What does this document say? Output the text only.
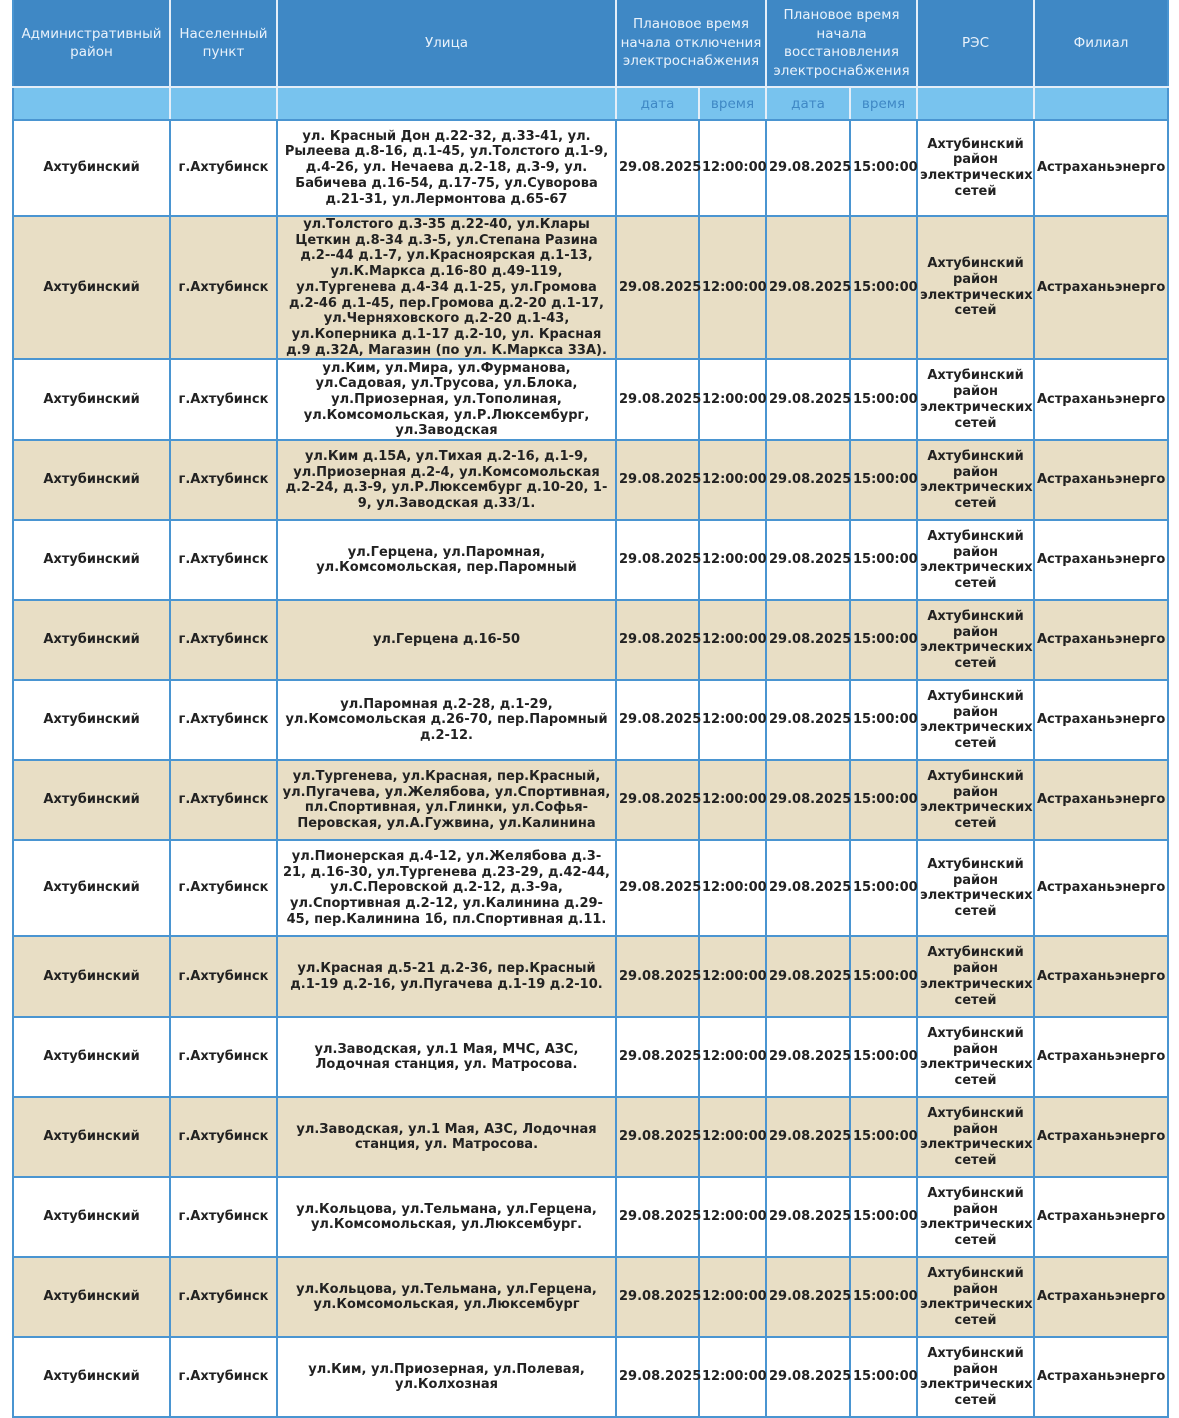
Административный район	Населенный пункт	Улица	Плановое время начала отключения электроснабжения		Плановое время начала восстановления электроснабжения		РЭС	Филиал
			дата	время	дата	время		
Ахтубинский	г.Ахтубинск	ул. Красный Дон д.22-32, д.33-41, ул. Рылеева д.8-16, д.1-45, ул.Толстого д.1-9, д.4-26, ул. Нечаева д.2-18, д.3-9, ул. Бабичева д.16-54, д.17-75, ул.Суворова д.21-31, ул.Лермонтова д.65-67	29.08.2025	12:00:00	29.08.2025	15:00:00	Ахтубинский район электрических сетей	Астраханьэнерго
Ахтубинский	г.Ахтубинск	ул.Толстого д.3-35 д.22-40, ул.Клары Цеткин д.8-34 д.3-5, ул.Степана Разина д.2--44 д.1-7, ул.Красноярская д.1-13, ул.К.Маркса д.16-80 д.49-119, ул.Тургенева д.4-34 д.1-25, ул.Громова д.2-46 д.1-45, пер.Громова д.2-20 д.1-17, ул.Черняховского д.2-20 д.1-43, ул.Коперника д.1-17 д.2-10, ул. Красная д.9 д.32А, Магазин (по ул. К.Маркса 33А).	29.08.2025	12:00:00	29.08.2025	15:00:00	Ахтубинский район электрических сетей	Астраханьэнерго
Ахтубинский	г.Ахтубинск	ул.Ким, ул.Мира, ул.Фурманова, ул.Садовая, ул.Трусова, ул.Блока, ул.Приозерная, ул.Тополиная, ул.Комсомольская, ул.Р.Люксембург, ул.Заводская	29.08.2025	12:00:00	29.08.2025	15:00:00	Ахтубинский район электрических сетей	Астраханьэнерго
Ахтубинский	г.Ахтубинск	ул.Ким д.15А, ул.Тихая д.2-16, д.1-9, ул.Приозерная д.2-4, ул.Комсомольская д.2-24, д.3-9, ул.Р.Люксембург д.10-20, 1-9, ул.Заводская д.33/1.	29.08.2025	12:00:00	29.08.2025	15:00:00	Ахтубинский район электрических сетей	Астраханьэнерго
Ахтубинский	г.Ахтубинск	ул.Герцена, ул.Паромная, ул.Комсомольская, пер.Паромный	29.08.2025	12:00:00	29.08.2025	15:00:00	Ахтубинский район электрических сетей	Астраханьэнерго
Ахтубинский	г.Ахтубинск	ул.Герцена д.16-50	29.08.2025	12:00:00	29.08.2025	15:00:00	Ахтубинский район электрических сетей	Астраханьэнерго
Ахтубинский	г.Ахтубинск	ул.Паромная д.2-28, д.1-29, ул.Комсомольская д.26-70, пер.Паромный д.2-12.	29.08.2025	12:00:00	29.08.2025	15:00:00	Ахтубинский район электрических сетей	Астраханьэнерго
Ахтубинский	г.Ахтубинск	ул.Тургенева, ул.Красная, пер.Красный, ул.Пугачева, ул.Желябова, ул.Спортивная, пл.Спортивная, ул.Глинки, ул.Софья-Перовская, ул.А.Гужвина, ул.Калинина	29.08.2025	12:00:00	29.08.2025	15:00:00	Ахтубинский район электрических сетей	Астраханьэнерго
Ахтубинский	г.Ахтубинск	ул.Пионерская д.4-12, ул.Желябова д.3-21, д.16-30, ул.Тургенева д.23-29, д.42-44, ул.С.Перовской д.2-12, д.3-9а, ул.Спортивная д.2-12, ул.Калинина д.29-45, пер.Калинина 1б, пл.Спортивная д.11.	29.08.2025	12:00:00	29.08.2025	15:00:00	Ахтубинский район электрических сетей	Астраханьэнерго
Ахтубинский	г.Ахтубинск	ул.Красная д.5-21 д.2-36, пер.Красный д.1-19 д.2-16, ул.Пугачева д.1-19 д.2-10.	29.08.2025	12:00:00	29.08.2025	15:00:00	Ахтубинский район электрических сетей	Астраханьэнерго
Ахтубинский	г.Ахтубинск	ул.Заводская, ул.1 Мая, МЧС, АЗС, Лодочная станция, ул. Матросова.	29.08.2025	12:00:00	29.08.2025	15:00:00	Ахтубинский район электрических сетей	Астраханьэнерго
Ахтубинский	г.Ахтубинск	ул.Заводская, ул.1 Мая, АЗС, Лодочная станция, ул. Матросова.	29.08.2025	12:00:00	29.08.2025	15:00:00	Ахтубинский район электрических сетей	Астраханьэнерго
Ахтубинский	г.Ахтубинск	ул.Кольцова, ул.Тельмана, ул.Герцена, ул.Комсомольская, ул.Люксембург.	29.08.2025	12:00:00	29.08.2025	15:00:00	Ахтубинский район электрических сетей	Астраханьэнерго
Ахтубинский	г.Ахтубинск	ул.Кольцова, ул.Тельмана, ул.Герцена, ул.Комсомольская, ул.Люксембург	29.08.2025	12:00:00	29.08.2025	15:00:00	Ахтубинский район электрических сетей	Астраханьэнерго
Ахтубинский	г.Ахтубинск	ул.Ким, ул.Приозерная, ул.Полевая, ул.Колхозная	29.08.2025	12:00:00	29.08.2025	15:00:00	Ахтубинский район электрических сетей	Астраханьэнерго
